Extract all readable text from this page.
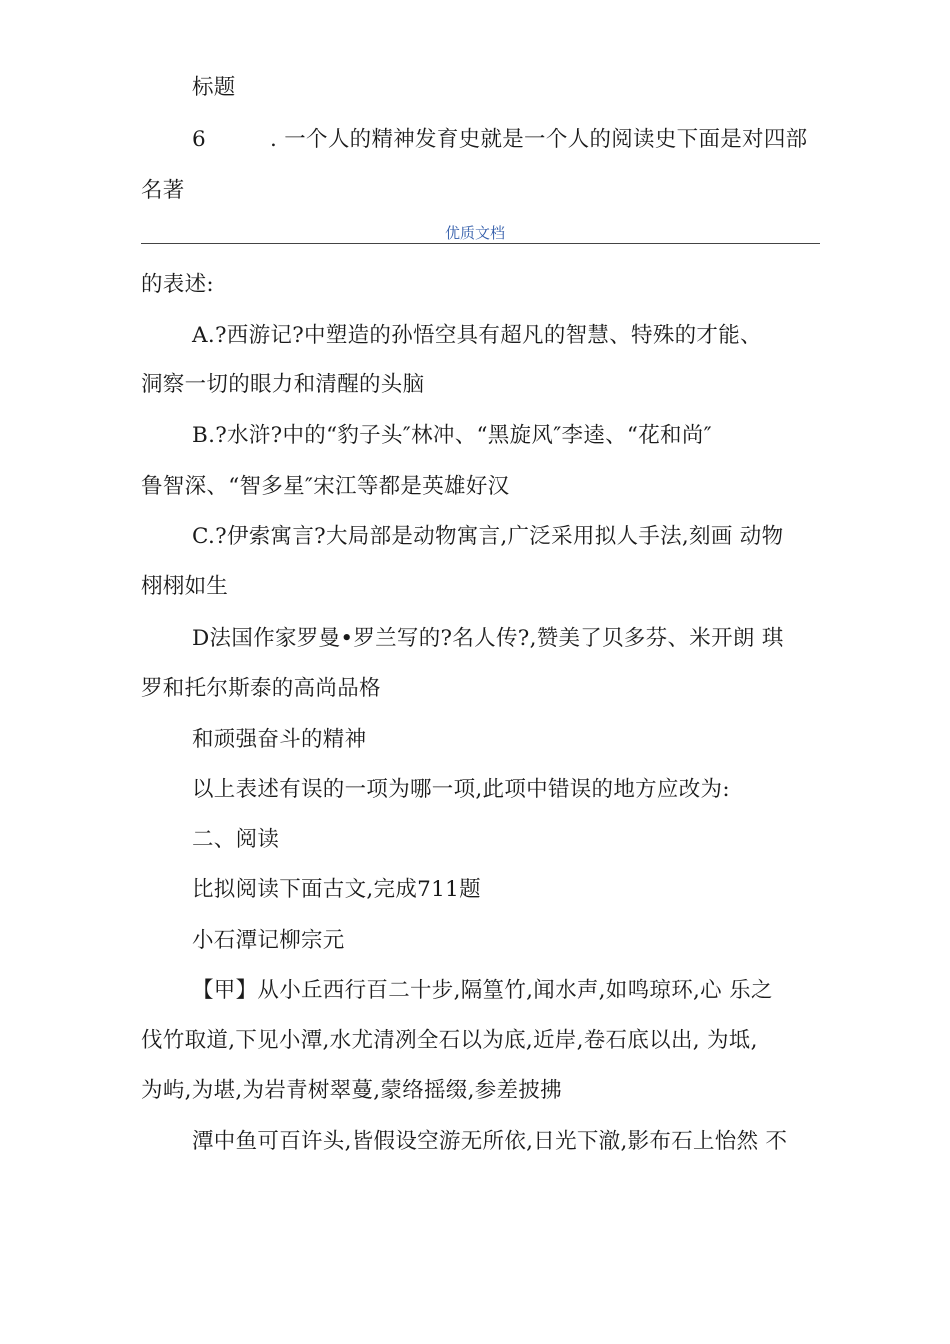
标题
6	. 一个人的精神发育史就是一个人的阅读史下面是对四部
名著
优质文档
的表述:
A.?西游记?中塑造的孙悟空具有超凡的智慧、特殊的才能、
洞察一切的眼力和清醒的头脑
B.?水浒?中的“豹子头″林冲、“黑旋风″李逵、“花和尚″
鲁智深、“智多星″宋江等都是英雄好汉
C.?伊索寓言?大局部是动物寓言,广泛采用拟人手法,刻画 动物
栩栩如生
D法国作家罗曼•罗兰写的?名人传?,赞美了贝多芬、米开朗 琪
罗和托尔斯泰的高尚品格
和顽强奋斗的精神
以上表述有误的一项为哪一项,此项中错误的地方应改为:
二、阅读
比拟阅读下面古文,完成711题
小石潭记柳宗元
【甲】从小丘西行百二十步,隔篁竹,闻水声,如鸣琼环,心 乐之
伐竹取道,下见小潭,水尤清冽全石以为底,近岸,卷石底以出, 为坻,
为屿,为堪,为岩青树翠蔓,蒙络摇缀,参差披拂
潭中鱼可百许头,皆假设空游无所依,日光下澈,影布石上怡然 不
